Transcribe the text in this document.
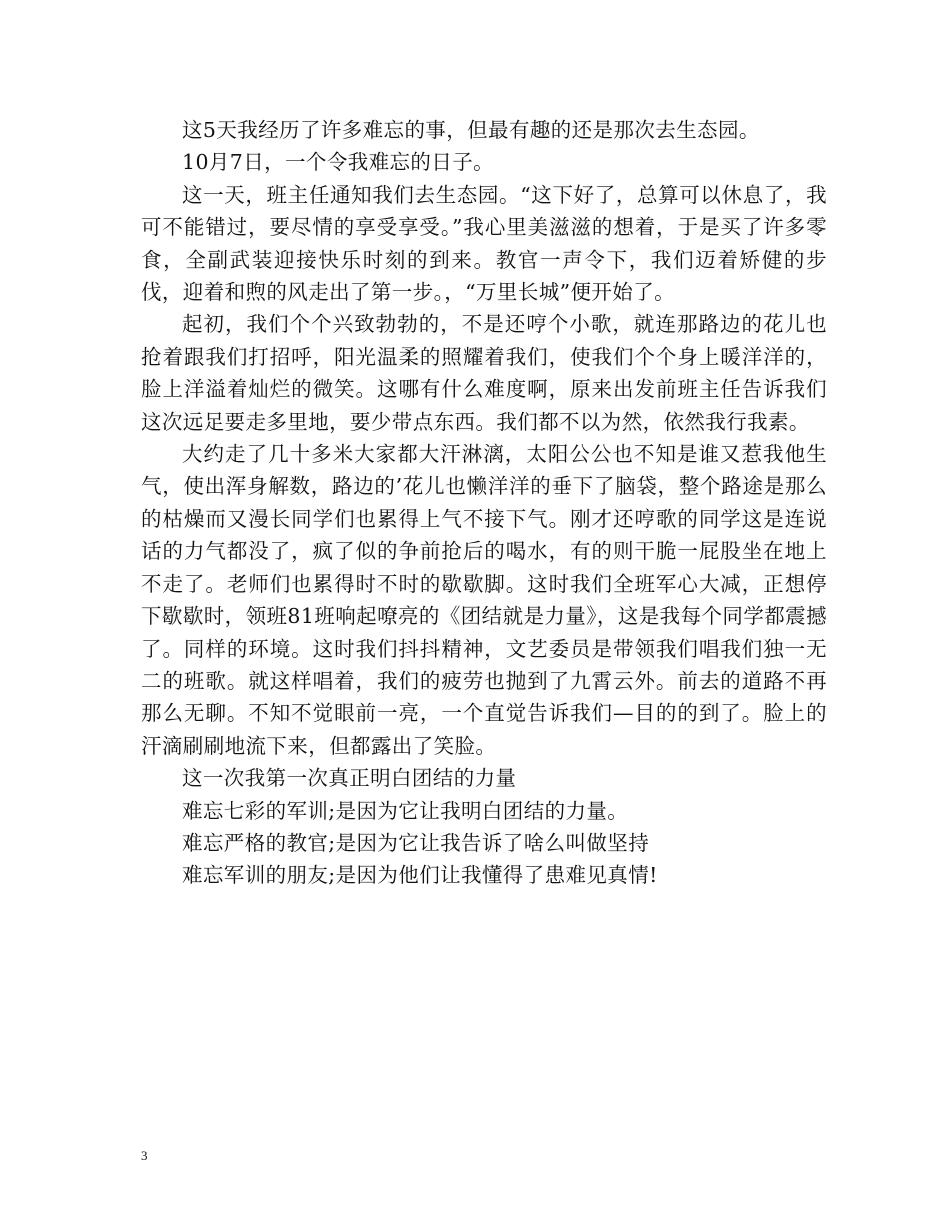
这5天我经历了许多难忘的事，但最有趣的还是那次去生态园。

10月7日，一个令我难忘的日子。

这一天，班主任通知我们去生态园。“这下好了，总算可以休息了，我可不能错过，要尽情的享受享受。”我心里美滋滋的想着，于是买了许多零食，全副武装迎接快乐时刻的到来。教官一声令下，我们迈着矫健的步伐，迎着和煦的风走出了第一步。，“万里长城”便开始了。

起初，我们个个兴致勃勃的，不是还哼个小歌，就连那路边的花儿也抢着跟我们打招呼，阳光温柔的照耀着我们，使我们个个身上暖洋洋的，脸上洋溢着灿烂的微笑。这哪有什么难度啊，原来出发前班主任告诉我们这次远足要走多里地，要少带点东西。我们都不以为然，依然我行我素。

大约走了几十多米大家都大汗淋漓，太阳公公也不知是谁又惹我他生气，使出浑身解数，路边的’花儿也懒洋洋的垂下了脑袋，整个路途是那么的枯燥而又漫长同学们也累得上气不接下气。刚才还哼歌的同学这是连说话的力气都没了，疯了似的争前抢后的喝水，有的则干脆一屁股坐在地上不走了。老师们也累得时不时的歇歇脚。这时我们全班军心大减，正想停下歇歇时，领班81班响起嘹亮的《团结就是力量》，这是我每个同学都震撼了。同样的环境。这时我们抖抖精神，文艺委员是带领我们唱我们独一无二的班歌。就这样唱着，我们的疲劳也抛到了九霄云外。前去的道路不再那么无聊。不知不觉眼前一亮，一个直觉告诉我们—目的的到了。脸上的汗滴刷刷地流下来，但都露出了笑脸。

这一次我第一次真正明白团结的力量

难忘七彩的军训;是因为它让我明白团结的力量。

难忘严格的教官;是因为它让我告诉了啥么叫做坚持

难忘军训的朋友;是因为他们让我懂得了患难见真情!

3
